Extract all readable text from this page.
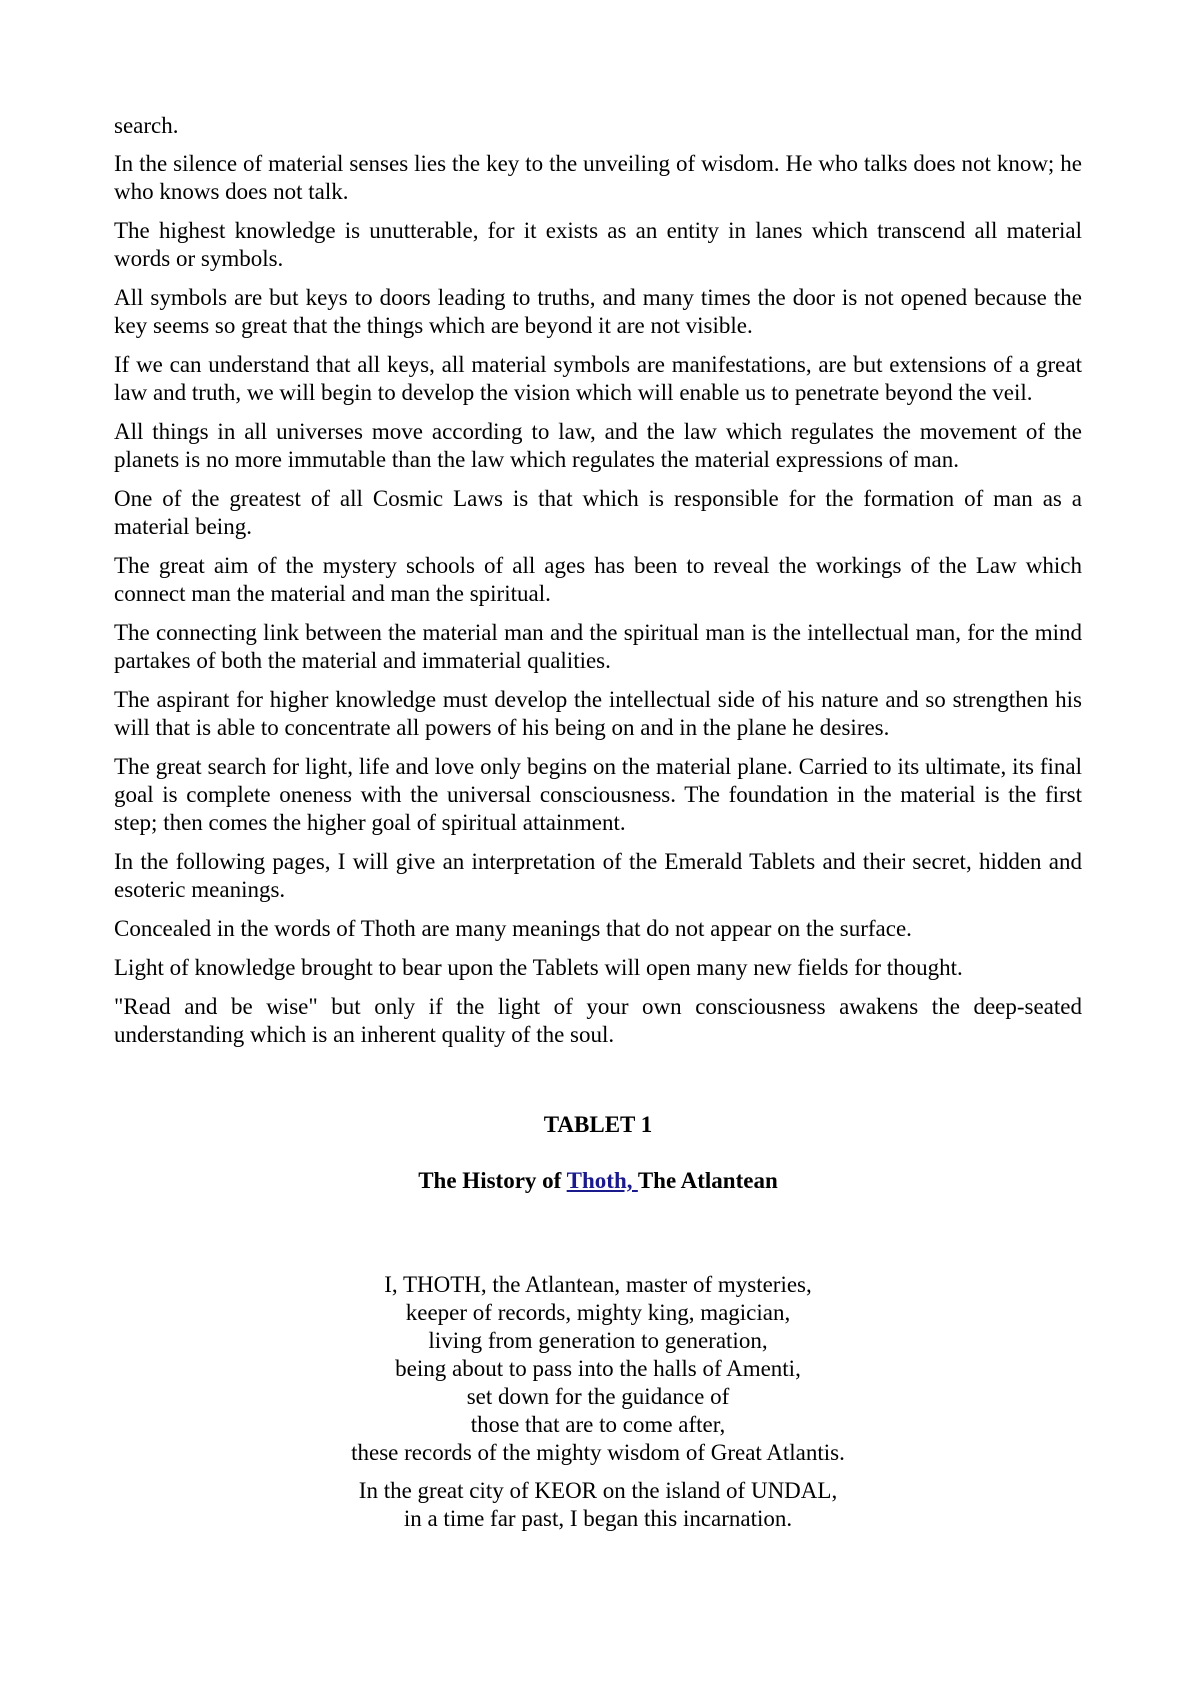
search.

In the silence of material senses lies the key to the unveiling of wisdom. He who talks does not know; he who knows does not talk.

The highest knowledge is unutterable, for it exists as an entity in lanes which transcend all material words or symbols.

All symbols are but keys to doors leading to truths, and many times the door is not opened because the key seems so great that the things which are beyond it are not visible.

If we can understand that all keys, all material symbols are manifestations, are but extensions of a great law and truth, we will begin to develop the vision which will enable us to penetrate beyond the veil.

All things in all universes move according to law, and the law which regulates the movement of the planets is no more immutable than the law which regulates the material expressions of man.

One of the greatest of all Cosmic Laws is that which is responsible for the formation of man as a material being.

The great aim of the mystery schools of all ages has been to reveal the workings of the Law which connect man the material and man the spiritual.

The connecting link between the material man and the spiritual man is the intellectual man, for the mind partakes of both the material and immaterial qualities.

The aspirant for higher knowledge must develop the intellectual side of his nature and so strengthen his will that is able to concentrate all powers of his being on and in the plane he desires.

The great search for light, life and love only begins on the material plane. Carried to its ultimate, its final goal is complete oneness with the universal consciousness. The foundation in the material is the first step; then comes the higher goal of spiritual attainment.

In the following pages, I will give an interpretation of the Emerald Tablets and their secret, hidden and esoteric meanings.

Concealed in the words of Thoth are many meanings that do not appear on the surface.

Light of knowledge brought to bear upon the Tablets will open many new fields for thought.

"Read and be wise" but only if the light of your own consciousness awakens the deep-seated understanding which is an inherent quality of the soul.

TABLET 1
The History of Thoth, The Atlantean

I, THOTH, the Atlantean, master of mysteries,
keeper of records, mighty king, magician,
living from generation to generation,
being about to pass into the halls of Amenti,
set down for the guidance of
those that are to come after,
these records of the mighty wisdom of Great Atlantis.

In the great city of KEOR on the island of UNDAL,
in a time far past, I began this incarnation.
